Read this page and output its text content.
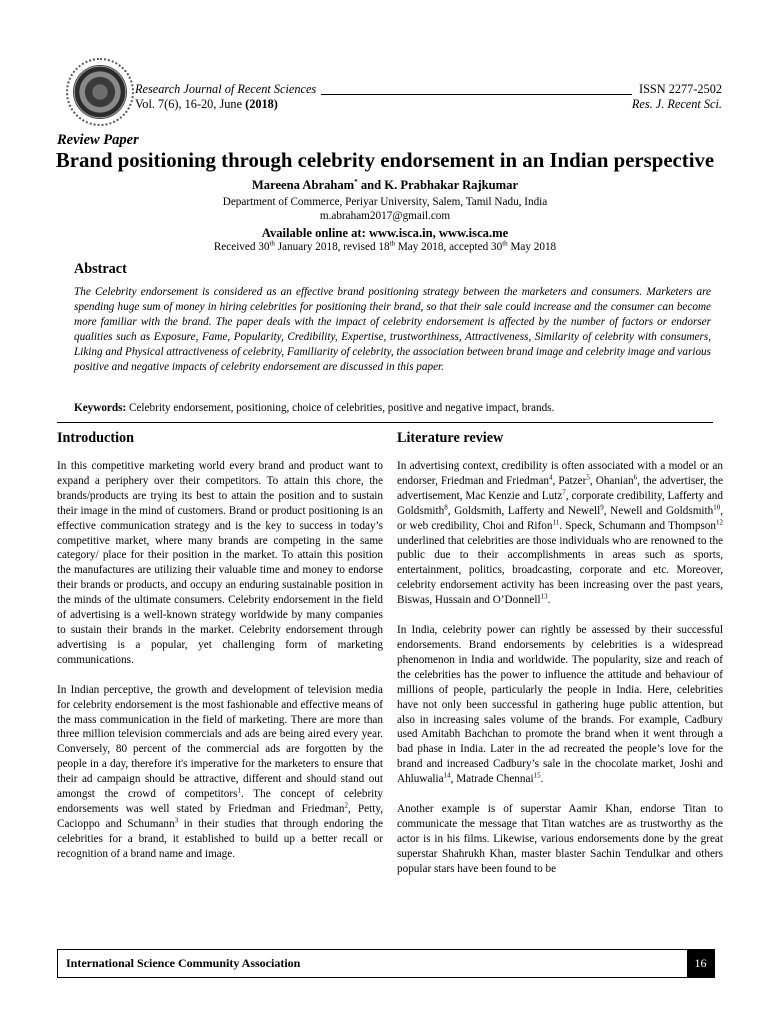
Research Journal of Recent Sciences
Vol. 7(6), 16-20, June (2018)
ISSN 2277-2502
Res. J. Recent Sci.
Review Paper
Brand positioning through celebrity endorsement in an Indian perspective
Mareena Abraham* and K. Prabhakar Rajkumar
Department of Commerce, Periyar University, Salem, Tamil Nadu, India
m.abraham2017@gmail.com
Available online at: www.isca.in, www.isca.me
Received 30th January 2018, revised 18th May 2018, accepted 30th May 2018
Abstract
The Celebrity endorsement is considered as an effective brand positioning strategy between the marketers and consumers. Marketers are spending huge sum of money in hiring celebrities for positioning their brand, so that their sale could increase and the consumer can become more familiar with the brand. The paper deals with the impact of celebrity endorsement is affected by the number of factors or endorser qualities such as Exposure, Fame, Popularity, Credibility, Expertise, trustworthiness, Attractiveness, Similarity of celebrity with consumers, Liking and Physical attractiveness of celebrity, Familiarity of celebrity, the association between brand image and celebrity image and various positive and negative impacts of celebrity endorsement are discussed in this paper.
Keywords: Celebrity endorsement, positioning, choice of celebrities, positive and negative impact, brands.
Introduction

In this competitive marketing world every brand and product want to expand a periphery over their competitors. To attain this chore, the brands/products are trying its best to attain the position and to sustain their image in the mind of customers. Brand or product positioning is an effective communication strategy and is the key to success in today’s competitive market, where many brands are competing in the same category/ place for their position in the market. To attain this position the manufactures are utilizing their valuable time and money to endorse their brands or products, and occupy an enduring sustainable position in the minds of the ultimate consumers. Celebrity endorsement in the field of advertising is a well-known strategy worldwide by many companies to sustain their brands in the market. Celebrity endorsement through advertising is a popular, yet challenging form of marketing communications.

In Indian perceptive, the growth and development of television media for celebrity endorsement is the most fashionable and effective means of the mass communication in the field of marketing. There are more than three million television commercials and ads are being aired every year. Conversely, 80 percent of the commercial ads are forgotten by the people in a day, therefore it's imperative for the marketers to ensure that their ad campaign should be attractive, different and should stand out amongst the crowd of competitors$^1$. The concept of celebrity endorsements was well stated by Friedman and Friedman$^2$, Petty, Cacioppo and Schumann$^3$ in their studies that through endoring the celebrities for a brand, it established to build up a better recall or recognition of a brand name and image.

Literature review

In advertising context, credibility is often associated with a model or an endorser, Friedman and Friedman$^4$, Patzer$^5$, Ohanian$^6$, the advertiser, the advertisement, Mac Kenzie and Lutz$^7$, corporate credibility, Lafferty and Goldsmith$^8$, Goldsmith, Lafferty and Newell$^9$, Newell and Goldsmith$^{10}$, or web credibility, Choi and Rifon$^{11}$. Speck, Schumann and Thompson$^{12}$ underlined that celebrities are those individuals who are renowned to the public due to their accomplishments in areas such as sports, entertainment, politics, broadcasting, corporate and etc. Moreover, celebrity endorsement activity has been increasing over the past years, Biswas, Hussain and O’Donnell$^{13}$.

In India, celebrity power can rightly be assessed by their successful endorsements. Brand endorsements by celebrities is a widespread phenomenon in India and worldwide. The popularity, size and reach of the celebrities has the power to influence the attitude and behaviour of millions of people, particularly the people in India. Here, celebrities have not only been successful in gathering huge public attention, but also in increasing sales volume of the brands. For example, Cadbury used Amitabh Bachchan to promote the brand when it went through a bad phase in India. Later in the ad recreated the people’s love for the brand and increased Cadbury’s sale in the chocolate market, Joshi and Ahluwalia$^{14}$, Matrade Chennai$^{15}$.

Another example is of superstar Aamir Khan, endorse Titan to communicate the message that Titan watches are as trustworthy as the actor is in his films. Likewise, various endorsements done by the great superstar Shahrukh Khan, master blaster Sachin Tendulkar and others popular stars have been found to be

International Science Community Association	16
